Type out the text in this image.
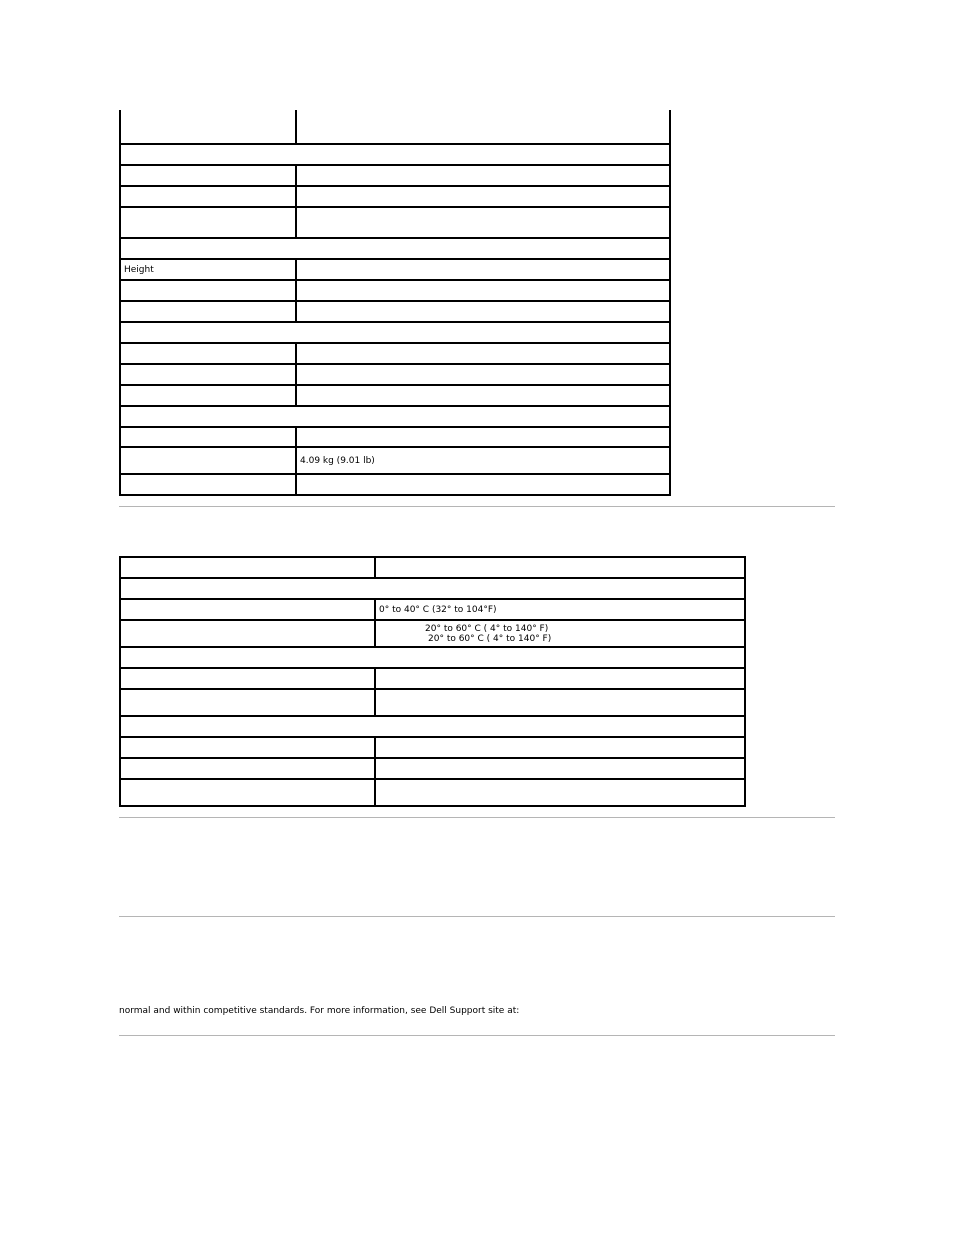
Height	

	4.09 kg (9.01 lb)

	0° to 40° C (32° to 104°F)

	20° to 60° C ( 4° to 140° F)
20° to 60° C ( 4° to 140° F)

normal and within competitive standards. For more information, see Dell Support site at:
